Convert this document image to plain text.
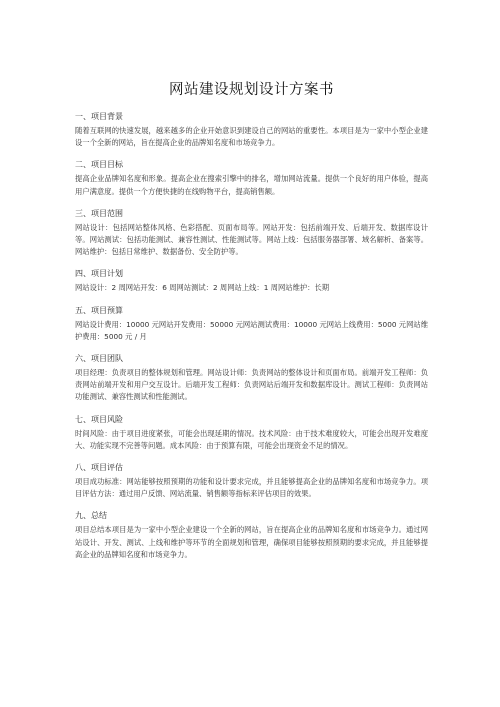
网站建设规划设计方案书
一、项目背景
随着互联网的快速发展，越来越多的企业开始意识到建设自己的网站的重要性。本项目是为一家中小型企业建设一个全新的网站，旨在提高企业的品牌知名度和市场竞争力。
二、项目目标
提高企业品牌知名度和形象。提高企业在搜索引擎中的排名，增加网站流量。提供一个良好的用户体验，提高用户满意度。提供一个方便快捷的在线购物平台，提高销售额。
三、项目范围
网站设计：包括网站整体风格、色彩搭配、页面布局等。网站开发：包括前端开发、后端开发、数据库设计等。网站测试：包括功能测试、兼容性测试、性能测试等。网站上线：包括服务器部署、域名解析、备案等。网站维护：包括日常维护、数据备份、安全防护等。
四、项目计划
网站设计：2 周网站开发：6 周网站测试：2 周网站上线：1 周网站维护：长期
五、项目预算
网站设计费用：10000 元网站开发费用：50000 元网站测试费用：10000 元网站上线费用：5000 元网站维护费用：5000 元 / 月
六、项目团队
项目经理：负责项目的整体规划和管理。网站设计师：负责网站的整体设计和页面布局。前端开发工程师：负责网站前端开发和用户交互设计。后端开发工程师：负责网站后端开发和数据库设计。测试工程师：负责网站功能测试、兼容性测试和性能测试。
七、项目风险
时间风险：由于项目进度紧张，可能会出现延期的情况。技术风险：由于技术难度较大，可能会出现开发难度大、功能实现不完善等问题。成本风险：由于预算有限，可能会出现资金不足的情况。
八、项目评估
项目成功标准：网站能够按照预期的功能和设计要求完成，并且能够提高企业的品牌知名度和市场竞争力。项目评估方法：通过用户反馈、网站流量、销售额等指标来评估项目的效果。
九、总结
项目总结本项目是为一家中小型企业建设一个全新的网站，旨在提高企业的品牌知名度和市场竞争力。通过网站设计、开发、测试、上线和维护等环节的全面规划和管理，确保项目能够按照预期的要求完成，并且能够提高企业的品牌知名度和市场竞争力。
